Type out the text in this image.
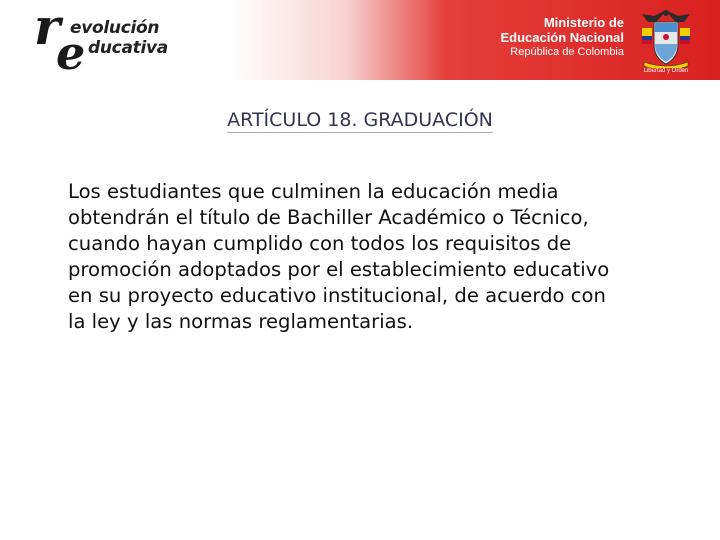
r
e
evolución
ducativa
Ministerio de
Educación Nacional
República de Colombia
Libertad y Orden
ARTÍCULO 18. GRADUACIÓN
Los estudiantes que culminen la educación media
obtendrán el título de Bachiller Académico o Técnico,
cuando hayan cumplido con todos los requisitos de
promoción adoptados por el establecimiento educativo
en su proyecto educativo institucional, de acuerdo con
la ley y las normas reglamentarias.
